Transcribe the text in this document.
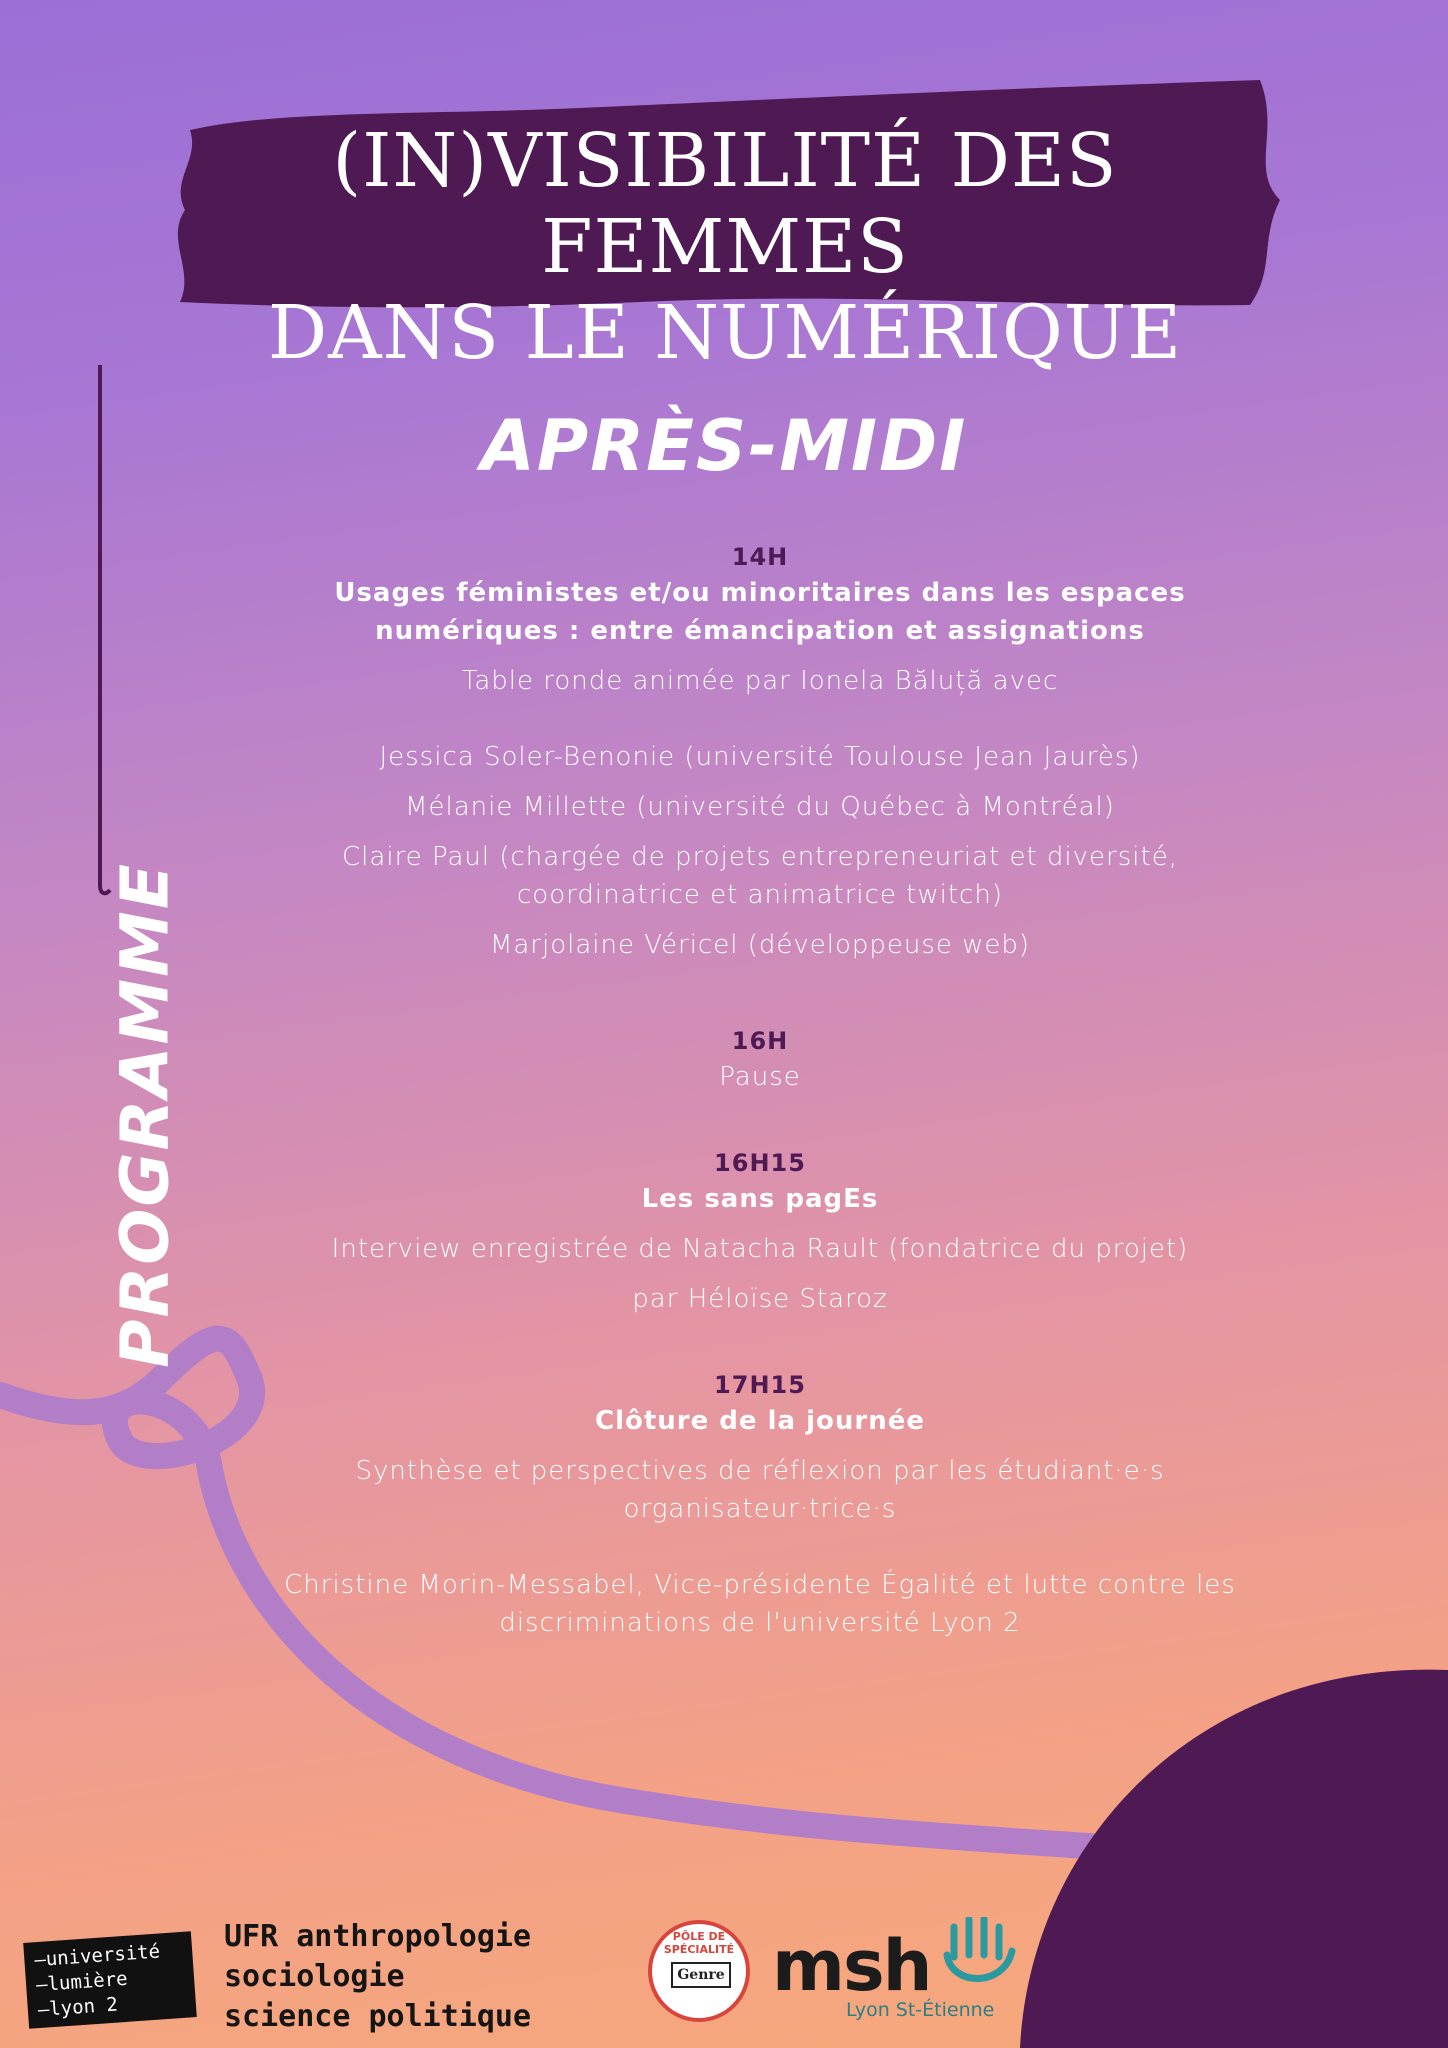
(IN)VISIBILITÉ DES FEMMES
DANS LE NUMÉRIQUE
APRÈS-MIDI
PROGRAMME
14H
Usages féministes et/ou minoritaires dans les espaces
numériques : entre émancipation et assignations
Table ronde animée par Ionela Băluță avec
Jessica Soler-Benonie (université Toulouse Jean Jaurès)
Mélanie Millette (université du Québec à Montréal)
Claire Paul (chargée de projets entrepreneuriat et diversité,
coordinatrice et animatrice twitch)
Marjolaine Véricel (développeuse web)
16H
Pause
16H15
Les sans pagEs
Interview enregistrée de Natacha Rault (fondatrice du projet)
par Héloïse Staroz
17H15
Clôture de la journée
Synthèse et perspectives de réflexion par les étudiant·e·s
organisateur·trice·s
Christine Morin-Messabel, Vice-présidente Égalité et lutte contre les
discriminations de l'université Lyon 2
—université
—lumière
—lyon 2
UFR anthropologie
sociologie
science politique
PÔLE DE SPÉCIALITÉ
Genre msh
Lyon St-Étienne
